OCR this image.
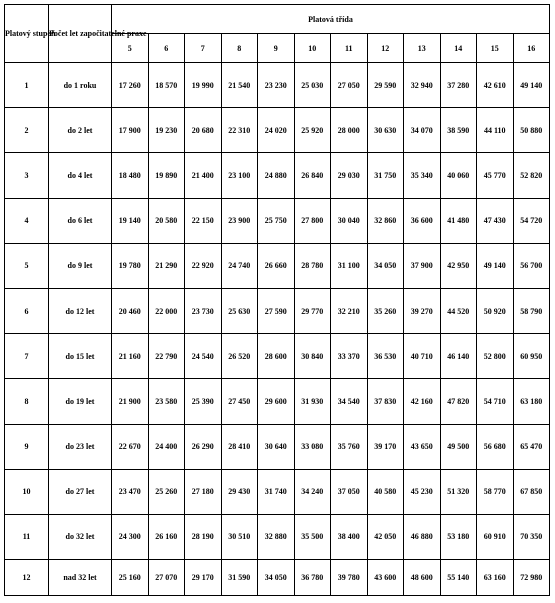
Platový stupeň	Počet let započitatelné praxe	Platová třída											
		5	6	7	8	9	10	11	12	13	14	15	16
1	do 1 roku	17 260	18 570	19 990	21 540	23 230	25 030	27 050	29 590	32 940	37 280	42 610	49 140
2	do 2 let	17 900	19 230	20 680	22 310	24 020	25 920	28 000	30 630	34 070	38 590	44 110	50 880
3	do 4 let	18 480	19 890	21 400	23 100	24 880	26 840	29 030	31 750	35 340	40 060	45 770	52 820
4	do 6 let	19 140	20 580	22 150	23 900	25 750	27 800	30 040	32 860	36 600	41 480	47 430	54 720
5	do 9 let	19 780	21 290	22 920	24 740	26 660	28 780	31 100	34 050	37 900	42 950	49 140	56 700
6	do 12 let	20 460	22 000	23 730	25 630	27 590	29 770	32 210	35 260	39 270	44 520	50 920	58 790
7	do 15 let	21 160	22 790	24 540	26 520	28 600	30 840	33 370	36 530	40 710	46 140	52 800	60 950
8	do 19 let	21 900	23 580	25 390	27 450	29 600	31 930	34 540	37 830	42 160	47 820	54 710	63 180
9	do 23 let	22 670	24 400	26 290	28 410	30 640	33 080	35 760	39 170	43 650	49 500	56 680	65 470
10	do 27 let	23 470	25 260	27 180	29 430	31 740	34 240	37 050	40 580	45 230	51 320	58 770	67 850
11	do 32 let	24 300	26 160	28 190	30 510	32 880	35 500	38 400	42 050	46 880	53 180	60 910	70 350
12	nad 32 let	25 160	27 070	29 170	31 590	34 050	36 780	39 780	43 600	48 600	55 140	63 160	72 980
